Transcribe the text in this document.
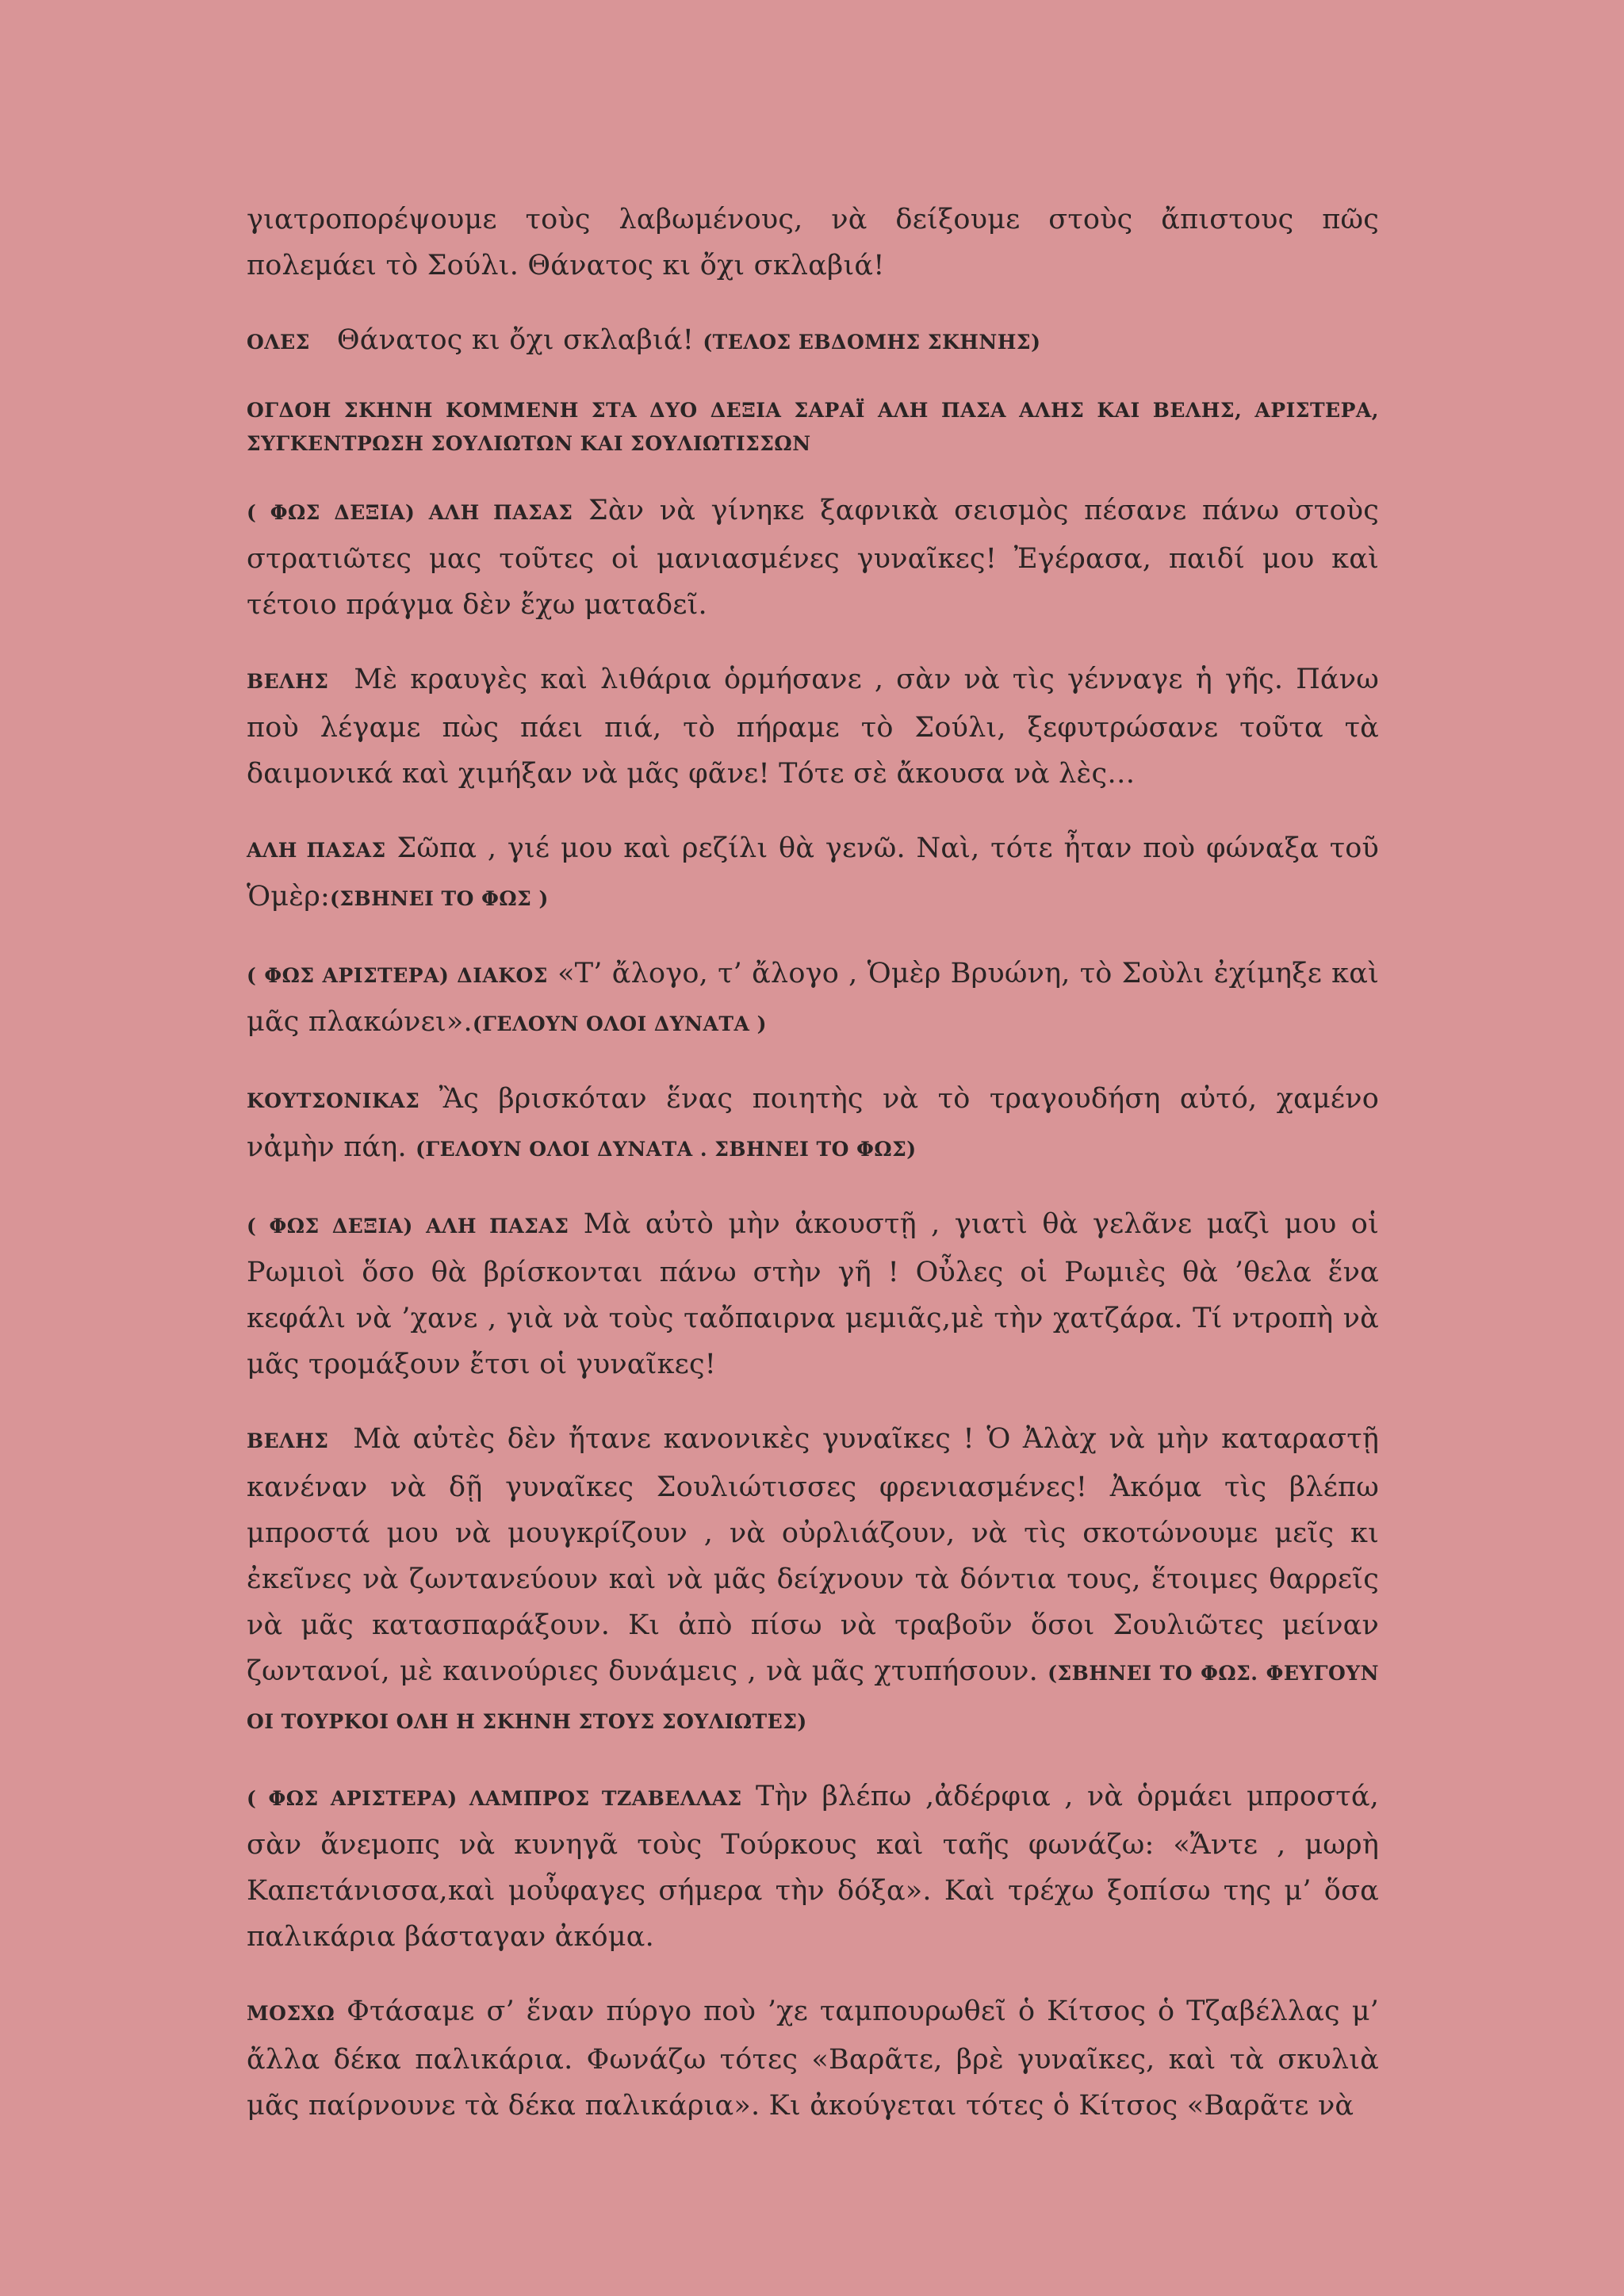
γιατροπορέψουμε τοὺς λαβωμένους, νὰ δείξουμε στοὺς ἄπιστους πῶς πολεμάει τὸ Σούλι. Θάνατος κι ὄχι σκλαβιά!

ΟΛΕΣ Θάνατος κι ὄχι σκλαβιά! (ΤΕΛΟΣ ΕΒΔΟΜΗΣ ΣΚΗΝΗΣ)

ΟΓΔΟΗ ΣΚΗΝΗ ΚΟΜΜΕΝΗ ΣΤΑ ΔΥΟ ΔΕΞΙΑ ΣΑΡΑΪ ΑΛΗ ΠΑΣΑ ΑΛΗΣ ΚΑΙ ΒΕΛΗΣ, ΑΡΙΣΤΕΡΑ, ΣΥΓΚΕΝΤΡΩΣΗ ΣΟΥΛΙΩΤΩΝ ΚΑΙ ΣΟΥΛΙΩΤΙΣΣΩΝ

( ΦΩΣ ΔΕΞΙΑ) ΑΛΗ ΠΑΣΑΣ Σὰν νὰ γίνηκε ξαφνικὰ σεισμὸς πέσανε πάνω στοὺς στρατιῶτες μας τοῦτες οἱ μανιασμένες γυναῖκες! Ἐγέρασα, παιδί μου καὶ τέτοιο πράγμα δὲν ἔχω ματαδεῖ.

ΒΕΛΗΣ Μὲ κραυγὲς καὶ λιθάρια ὁρμήσανε , σὰν νὰ τὶς γένναγε ἡ γῆς. Πάνω ποὺ λέγαμε πὼς πάει πιά, τὸ πήραμε τὸ Σούλι, ξεφυτρώσανε τοῦτα τὰ δαιμονικά καὶ χιμήξαν νὰ μᾶς φᾶνε! Τότε σὲ ἄκουσα νὰ λὲς…

ΑΛΗ ΠΑΣΑΣ Σῶπα , γιέ μου καὶ ρεζίλι θὰ γενῶ. Ναὶ, τότε ἦταν ποὺ φώναξα τοῦ Ὁμὲρ:(ΣΒΗΝΕΙ ΤΟ ΦΩΣ )

( ΦΩΣ ΑΡΙΣΤΕΡΑ) ΔΙΑΚΟΣ «Τ’ ἄλογο, τ’ ἄλογο , Ὁμὲρ Βρυώνη, τὸ Σοὺλι ἐχίμηξε καὶ μᾶς πλακώνει».(ΓΕΛΟΥΝ ΟΛΟΙ ΔΥΝΑΤΑ )

ΚΟΥΤΣΟΝΙΚΑΣ Ἂς βρισκόταν ἕνας ποιητὴς νὰ τὸ τραγουδήση αὐτό, χαμένο νἀμὴν πάη. (ΓΕΛΟΥΝ ΟΛΟΙ ΔΥΝΑΤΑ . ΣΒΗΝΕΙ ΤΟ ΦΩΣ)

( ΦΩΣ ΔΕΞΙΑ) ΑΛΗ ΠΑΣΑΣ Μὰ αὐτὸ μὴν ἀκουστῇ , γιατὶ θὰ γελᾶνε μαζὶ μου οἱ Ρωμιοὶ ὅσο θὰ βρίσκονται πάνω στὴν γῆ ! Οὖλες οἱ Ρωμιὲς θὰ ’θελα ἕνα κεφάλι νὰ ’χανε , γιὰ νὰ τοὺς ταὄπαιρνα μεμιᾶς,μὲ τὴν χατζάρα. Τί ντροπὴ νὰ μᾶς τρομάξουν ἔτσι οἱ γυναῖκες!

ΒΕΛΗΣ Μὰ αὐτὲς δὲν ἤτανε κανονικὲς γυναῖκες ! Ὁ Ἀλὰχ νὰ μὴν καταραστῇ κανέναν νὰ δῇ γυναῖκες Σουλιώτισσες φρενιασμένες! Ἀκόμα τὶς βλέπω μπροστά μου νὰ μουγκρίζουν , νὰ οὐρλιάζουν, νὰ τὶς σκοτώνουμε μεῖς κι ἐκεῖνες νὰ ζωντανεύουν καὶ νὰ μᾶς δείχνουν τὰ δόντια τους, ἕτοιμες θαρρεῖς νὰ μᾶς κατασπαράξουν. Κι ἀπὸ πίσω νὰ τραβοῦν ὅσοι Σουλιῶτες μείναν ζωντανοί, μὲ καινούριες δυνάμεις , νὰ μᾶς χτυπήσουν. (ΣΒΗΝΕΙ ΤΟ ΦΩΣ. ΦΕΥΓΟΥΝ ΟΙ ΤΟΥΡΚΟΙ ΟΛΗ Η ΣΚΗΝΗ ΣΤΟΥΣ ΣΟΥΛΙΩΤΕΣ)

( ΦΩΣ ΑΡΙΣΤΕΡΑ) ΛΑΜΠΡΟΣ ΤΖΑΒΕΛΛΑΣ Τὴν βλέπω ,ἀδέρφια , νὰ ὁρμάει μπροστά, σὰν ἄνεμοπς νὰ κυνηγᾶ τοὺς Τούρκους καὶ ταῆς φωνάζω: «Ἄντε , μωρὴ Καπετάνισσα,καὶ μοὖφαγες σήμερα τὴν δόξα». Καὶ τρέχω ξοπίσω της μ’ ὅσα παλικάρια βάσταγαν ἀκόμα.

ΜΟΣΧΩ Φτάσαμε σ’ ἕναν πύργο ποὺ ’χε ταμπουρωθεῖ ὁ Κίτσος ὁ Τζαβέλλας μ’ ἄλλα δέκα παλικάρια. Φωνάζω τότες «Βαρᾶτε, βρὲ γυναῖκες, καὶ τὰ σκυλιὰ μᾶς παίρνουνε τὰ δέκα παλικάρια». Κι ἀκούγεται τότες ὁ Κίτσος «Βαρᾶτε νὰ
